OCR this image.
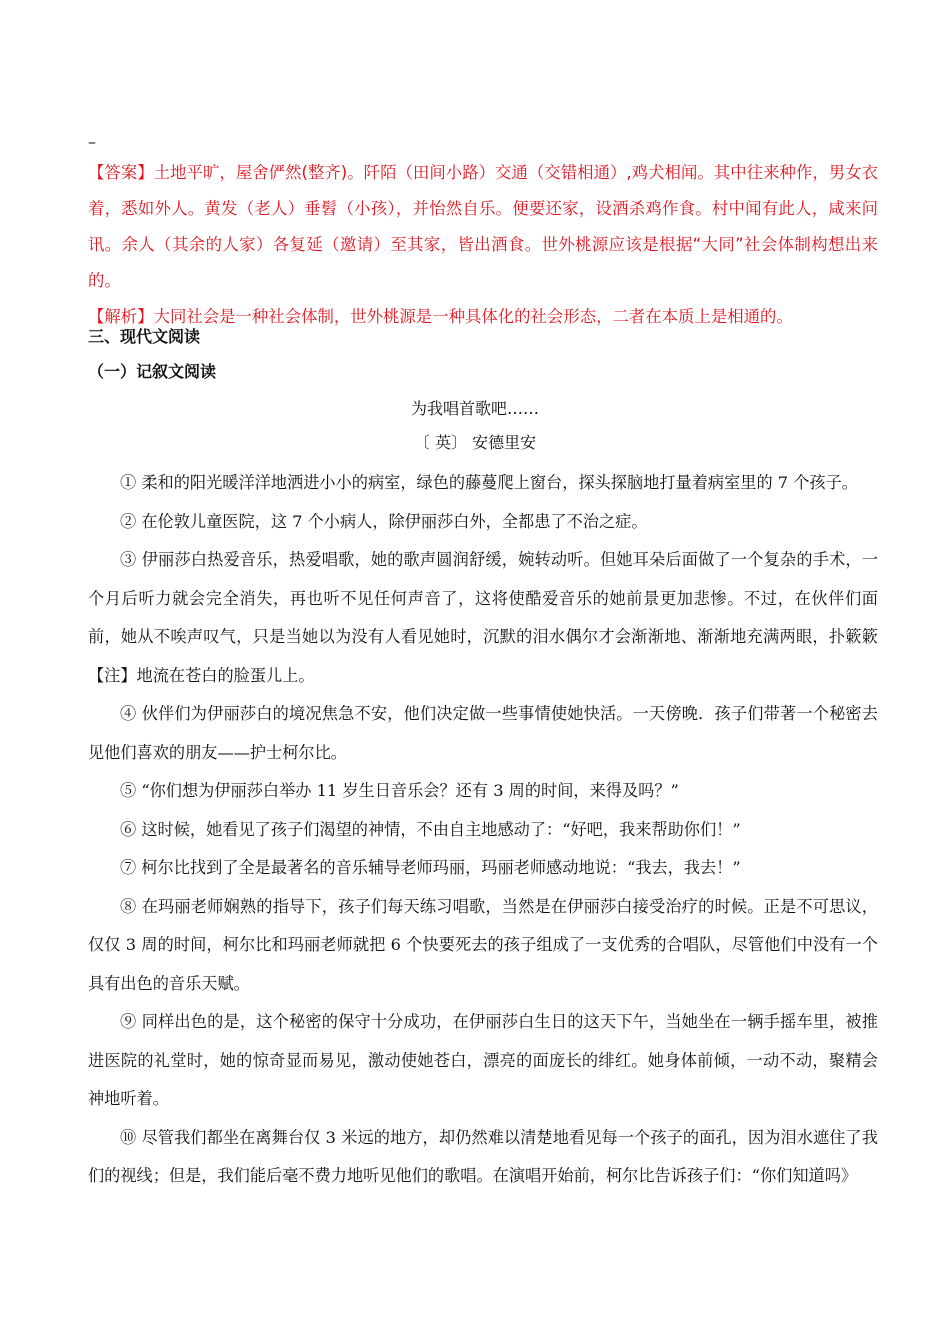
–

【答案】土地平旷，屋舍俨然(整齐)。阡陌（田间小路）交通（交错相通）,鸡犬相闻。其中往来种作，男女衣着，悉如外人。黄发（老人）垂髫（小孩），并怡然自乐。便要还家，设酒杀鸡作食。村中闻有此人，咸来问讯。余人（其余的人家）各复延（邀请）至其家，皆出酒食。世外桃源应该是根据“大同”社会体制构想出来的。

【解析】大同社会是一种社会体制，世外桃源是一种具体化的社会形态，二者在本质上是相通的。

三、现代文阅读
（一）记叙文阅读
为我唱首歌吧……
〔 英〕 安德里安

① 柔和的阳光暖洋洋地洒进小小的病室，绿色的藤蔓爬上窗台，探头探脑地打量着病室里的 7 个孩子。

② 在伦敦儿童医院，这 7 个小病人，除伊丽莎白外，全都患了不治之症。

③ 伊丽莎白热爱音乐，热爱唱歌，她的歌声圆润舒缓，婉转动听。但她耳朵后面做了一个复杂的手术，一个月后听力就会完全消失，再也听不见任何声音了，这将使酷爱音乐的她前景更加悲惨。不过，在伙伴们面前，她从不唉声叹气，只是当她以为没有人看见她时，沉默的泪水偶尔才会渐渐地、渐渐地充满两眼，扑簌簌【注】地流在苍白的脸蛋儿上。

④ 伙伴们为伊丽莎白的境况焦急不安，他们决定做一些事情使她快活。一天傍晚．孩子们带著一个秘密去见他们喜欢的朋友——护士柯尔比。

⑤ “你们想为伊丽莎白举办 11 岁生日音乐会？还有 3 周的时间，来得及吗？”

⑥ 这时候，她看见了孩子们渴望的神情，不由自主地感动了：“好吧，我来帮助你们！”

⑦ 柯尔比找到了全是最著名的音乐辅导老师玛丽，玛丽老师感动地说：“我去，我去！”

⑧ 在玛丽老师娴熟的指导下，孩子们每天练习唱歌，当然是在伊丽莎白接受治疗的时候。正是不可思议，仅仅 3 周的时间，柯尔比和玛丽老师就把 6 个快要死去的孩子组成了一支优秀的合唱队，尽管他们中没有一个具有出色的音乐天赋。

⑨ 同样出色的是，这个秘密的保守十分成功，在伊丽莎白生日的这天下午，当她坐在一辆手摇车里，被推进医院的礼堂时，她的惊奇显而易见，激动使她苍白，漂亮的面庞长的绯红。她身体前倾，一动不动，聚精会神地听着。

⑩ 尽管我们都坐在离舞台仅 3 米远的地方，却仍然难以清楚地看见每一个孩子的面孔，因为泪水遮住了我们的视线；但是，我们能后毫不费力地听见他们的歌唱。在演唱开始前，柯尔比告诉孩子们：“你们知道吗》
